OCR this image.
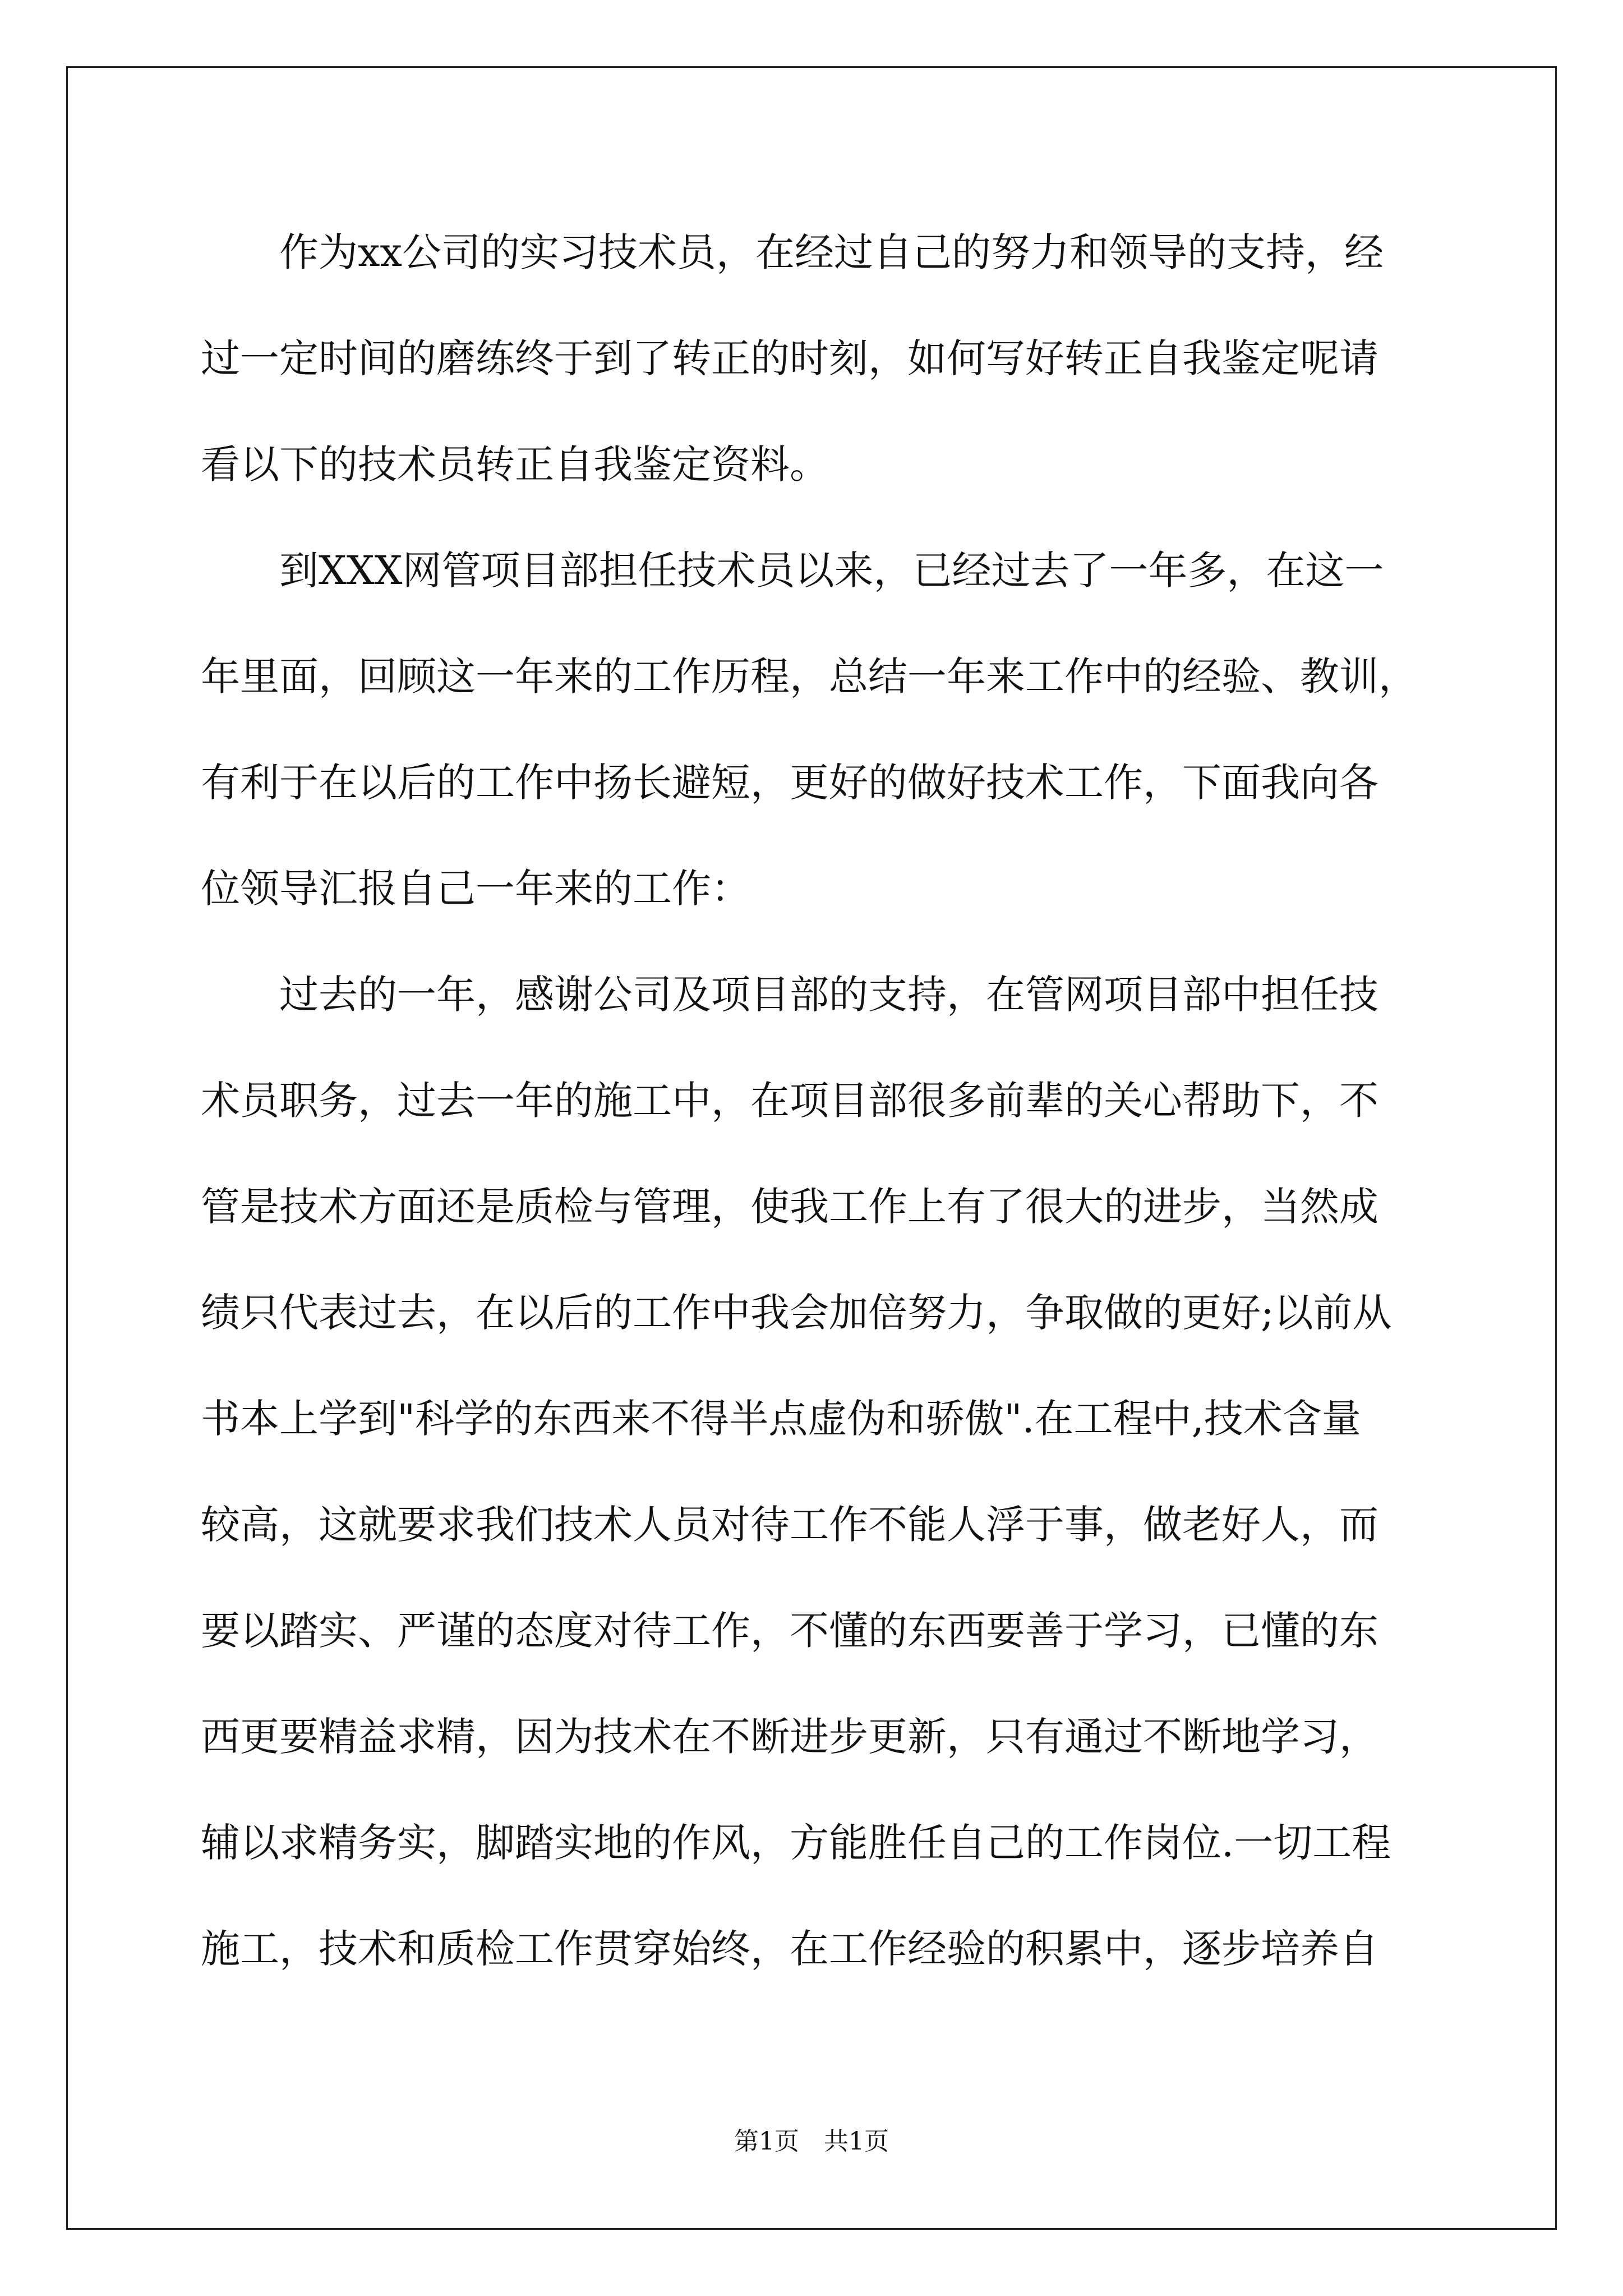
　　作为xx公司的实习技术员，在经过自己的努力和领导的支持，经
过一定时间的磨练终于到了转正的时刻，如何写好转正自我鉴定呢请
看以下的技术员转正自我鉴定资料。
　　到XXX网管项目部担任技术员以来，已经过去了一年多，在这一
年里面，回顾这一年来的工作历程，总结一年来工作中的经验、教训，
有利于在以后的工作中扬长避短，更好的做好技术工作，下面我向各
位领导汇报自己一年来的工作：
　　过去的一年，感谢公司及项目部的支持，在管网项目部中担任技
术员职务，过去一年的施工中，在项目部很多前辈的关心帮助下，不
管是技术方面还是质检与管理，使我工作上有了很大的进步，当然成
绩只代表过去，在以后的工作中我会加倍努力，争取做的更好;以前从
书本上学到"科学的东西来不得半点虚伪和骄傲".在工程中,技术含量
较高，这就要求我们技术人员对待工作不能人浮于事，做老好人，而
要以踏实、严谨的态度对待工作，不懂的东西要善于学习，已懂的东
西更要精益求精，因为技术在不断进步更新，只有通过不断地学习，
辅以求精务实，脚踏实地的作风，方能胜任自己的工作岗位.一切工程
施工，技术和质检工作贯穿始终，在工作经验的积累中，逐步培养自
第1页　共1页
